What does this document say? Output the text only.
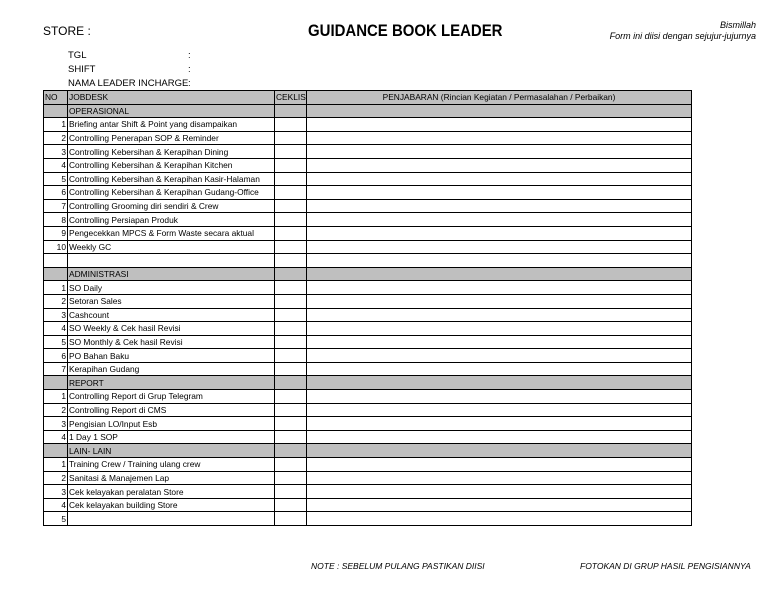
STORE :	GUIDANCE BOOK LEADER	Bismillah
Form ini diisi dengan sejujur-jujurnya
TGL	:
SHIFT	:
NAMA LEADER INCHARGE :
NO	JOBDESK	CEKLIS	PENJABARAN (Rincian Kegiatan / Permasalahan / Perbaikan)
	OPERASIONAL		
1	Briefing antar Shift & Point yang disampaikan		
2	Controlling Penerapan SOP & Reminder		
3	Controlling Kebersihan & Kerapihan Dining		
4	Controlling Kebersihan & Kerapihan Kitchen		
5	Controlling Kebersihan & Kerapihan Kasir-Halaman		
6	Controlling Kebersihan & Kerapihan Gudang-Office		
7	Controlling Grooming diri sendiri & Crew		
8	Controlling Persiapan Produk		
9	Pengecekkan MPCS & Form Waste secara aktual		
10	Weekly GC		

	ADMINISTRASI		
1	SO Daily		
2	Setoran Sales		
3	Cashcount		
4	SO Weekly & Cek hasil Revisi		
5	SO Monthly & Cek hasil Revisi		
6	PO Bahan Baku		
7	Kerapihan Gudang		
	REPORT		
1	Controlling Report di Grup Telegram		
2	Controlling Report di CMS		
3	Pengisian LO/Input Esb		
4	1 Day 1 SOP		
	LAIN- LAIN		
1	Training Crew / Training ulang crew		
2	Sanitasi & Manajemen Lap		
3	Cek kelayakan peralatan Store		
4	Cek kelayakan building Store		
5			
NOTE : SEBELUM PULANG PASTIKAN DIISI	FOTOKAN DI GRUP HASIL PENGISIANNYA
